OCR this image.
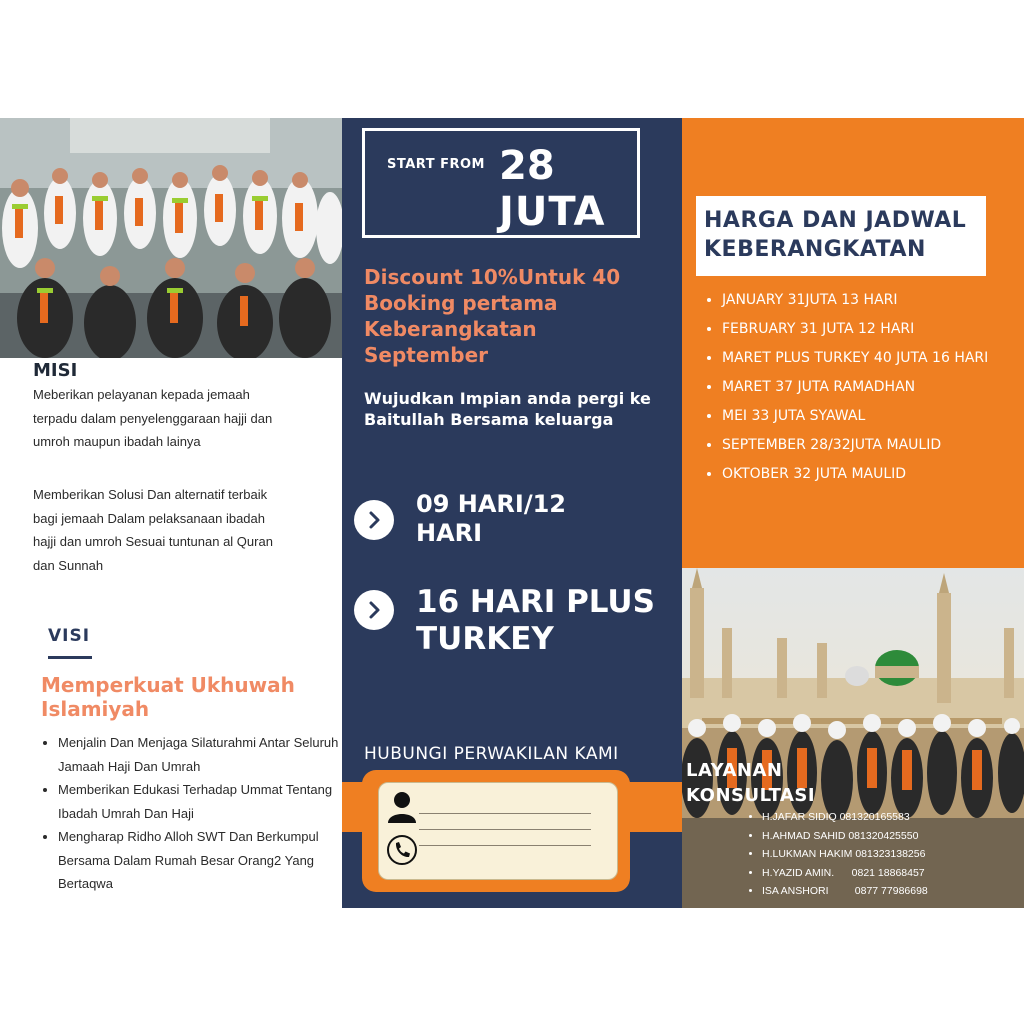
MISI
Meberikan pelayanan kepada jemaah terpadu dalam penyelenggaraan hajji dan umroh maupun ibadah lainya
Memberikan Solusi Dan alternatif terbaik bagi jemaah Dalam pelaksanaan ibadah hajji dan umroh Sesuai tuntunan al Quran dan Sunnah
VISI
Memperkuat Ukhuwah Islamiyah
• Menjalin Dan Menjaga Silaturahmi Antar Seluruh Jamaah Haji Dan Umrah
• Memberikan Edukasi Terhadap Ummat Tentang Ibadah Umrah Dan Haji
• Mengharap Ridho Alloh SWT Dan Berkumpul Bersama Dalam Rumah Besar Orang2 Yang Bertaqwa
START FROM 28
JUTA
Discount 10%Untuk 40 Booking pertama Keberangkatan September
Wujudkan Impian anda pergi ke Baitullah Bersama keluarga
09 HARI/12 HARI
16 HARI PLUS TURKEY
HUBUNGI PERWAKILAN KAMI
HARGA DAN JADWAL KEBERANGKATAN
• JANUARY 31JUTA 13 HARI
• FEBRUARY 31 JUTA 12 HARI
• MARET PLUS TURKEY 40 JUTA 16 HARI
• MARET 37 JUTA RAMADHAN
• MEI 33 JUTA SYAWAL
• SEPTEMBER 28/32JUTA MAULID
• OKTOBER 32 JUTA MAULID
LAYANAN KONSULTASI
• H.JAFAR SIDIQ 081320165583
• H.AHMAD SAHID 081320425550
• H.LUKMAN HAKIM 081323138256
• H.YAZID AMIN.      0821 18868457
• ISA ANSHORI         0877 77986698
